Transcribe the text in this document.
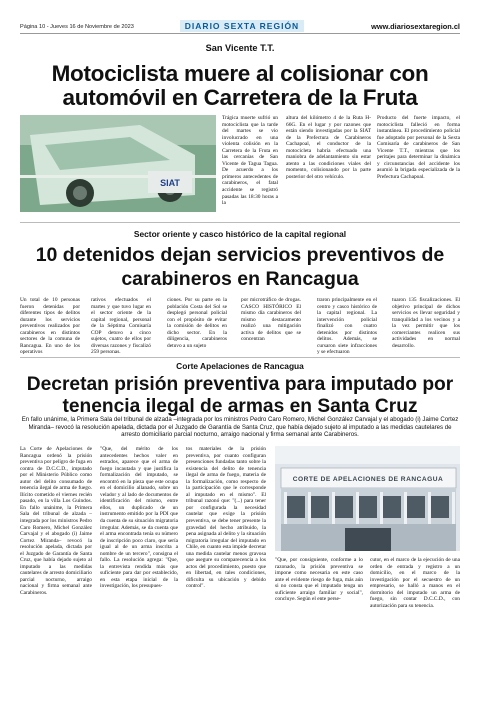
Página 10 - Jueves 16 de Noviembre de 2023	DIARIO SEXTA REGIÓN	www.diariosextaregion.cl
San Vicente T.T.
Motociclista muere al colisionar con automóvil en Carretera de la Fruta
SIAT
Trágica muerte sufrió un motociclista que la tarde del martes se vio involucrado en una violenta colisión en la Carretera de la Fruta en las cercanías de San Vicente de Tagua Tagua. De acuerdo a los primeros antecedentes de carabineros, el fatal accidente se registró pasadas las 18:30 horas a la
altura del kilómetro 4 de la Ruta H-66G. En el lugar y por razones que están siendo investigadas por la SIAT de la Prefectura de Carabineros Cachapoal, el conductor de la motocicleta habría efectuado una maniobra de adelantamiento sin estar atento a las condiciones viales del momento, colisionando por la parte posterior del otro vehículo.
Producto del fuerte impacto, el motociclista falleció en forma instantánea. El procedimiento policial fue adoptado por personal de la Sexta Comisaría de carabineros de San Vicente T.T., mientras que los peritajes para determinar la dinámica y circunstancias del accidente los asumió la brigada especializada de la Prefectura Cachapoal.
Sector oriente y casco histórico de la capital regional
10 detenidos dejan servicios preventivos de carabineros en Rancagua
Un total de 10 personas fueron detenidas por diferentes tipos de delitos durante los servicios preventivos realizados por carabineros en distintos sectores de la comuna de Rancagua. En uno de los operativos
rativos efectuados el martes y que tuvo lugar en el sector oriente de la capital regional, personal de la Séptima Comisaría COP detuvo a cinco sujetos, cuatro de ellos por diversas razones y fiscalizó 259 personas.
ciones. Por su parte en la población Costa del Sol se desplegó personal policial con el propósito de evitar la comisión de delitos en dicho sector. En la diligencia, carabineros detuvo a un sujeto
por microtráfico de drogas. CASCO HISTÓRICO El mismo día carabineros del mismo destacamento realizó una mitigación activa de delitos que se concentran
traron principalmente en el centro y casco histórico de la capital regional. La intervención policial finalizó con cuatro detenidos por distintos delitos. Además, se cursaron siete infracciones y se efectuaron
tuaron 135 fiscalizaciones. El objetivo principal de dichos servicios es llevar seguridad y tranquilidad a los vecinos y a la vez permitir que los comerciantes realicen sus actividades en normal desarrollo.
Corte Apelaciones de Rancagua
Decretan prisión preventiva para imputado por tenencia ilegal de armas en Santa Cruz
En fallo unánime, la Primera Sala del tribunal de alzada –integrada por los ministros Pedro Caro Romero, Michel González Carvajal y el abogado (i) Jaime Cortez Miranda– revocó la resolución apelada, dictada por el Juzgado de Garantía de Santa Cruz, que había dejado sujeto al imputado a las medidas cautelares de arresto domiciliario parcial nocturno, arraigo nacional y firma semanal ante Carabineros.
La Corte de Apelaciones de Rancagua ordenó la prisión preventiva por peligro de fuga en contra de D.C.C.D., imputado por el Ministerio Público como autor del delito consumado de tenencia ilegal de arma de fuego. Ilícito cometido el viernes recién pasado, en la villa Los Guindos. En fallo unánime, la Primera Sala del tribunal de alzada –integrada por los ministros Pedro Caro Romero, Michel González Carvajal y el abogado (i) Jaime Cortez Miranda– revocó la resolución apelada, dictada por el Juzgado de Garantía de Santa Cruz, que había dejado sujeto al imputado a las medidas cautelares de arresto domiciliario parcial nocturno, arraigo nacional y firma semanal ante Carabineros.
"Que, del mérito de los antecedentes hechos valer en estrados, aparece que el arma de fuego incautada y que justifica la formalización del imputado, se encontró en la pieza que este ocupa en el domicilio allanado, sobre un velador y al lado de documentos de identificación del mismo, entre ellos, un duplicado de un instrumento emitido por la PDI que da cuenta de su situación migratoria irregular. Además, se da cuenta que el arma encontrada tenía su número de inscripción poco claro, que sería igual al de un arma inscrita a nombre de un tercero", consigna el fallo. La resolución agrega: "Que, la entrevista rendida más que suficiente para dar por establecido, en esta etapa inicial de la investigación, los presupues-
tos materiales de la prisión preventiva, por cuanto configuran presenciones fundadas tanto sobre la existencia del delito de tenencia ilegal de arma de fuego, materia de la formalización, como respecto de la participación que le corresponde al imputado en el mismo". El tribunal razonó que: "(...) para tener por configurada la necesidad cautelar que exige la prisión preventiva, se debe tener presente la gravedad del hecho atribuido, la pena asignada al delito y la situación migratoria irregular del imputado en Chile, en cuanto esta impide decretar una medida cautelar menos gravosa que asegure su comparecencia a los actos del procedimiento, puesto que en libertad, en tales condiciones, dificulta su ubicación y debido control".
CORTE DE APELACIONES DE RANCAGUA
"Que, por consiguiente, conforme a lo razonado, la prisión preventiva se impone como necesaria en este caso ante el evidente riesgo de fuga, más aún si no consta que el imputado tenga un suficiente arraigo familiar y social", concluye. Según el ente perse-
cutor, en el marco de la ejecución de una orden de entrada y registro a un domicilio, en el marco de la investigación por el secuestro de un empresario, se halló a manos en el dormitorio del imputado un arma de fuego, sin contar D.C.C.D., con autorización para su tenencia.
